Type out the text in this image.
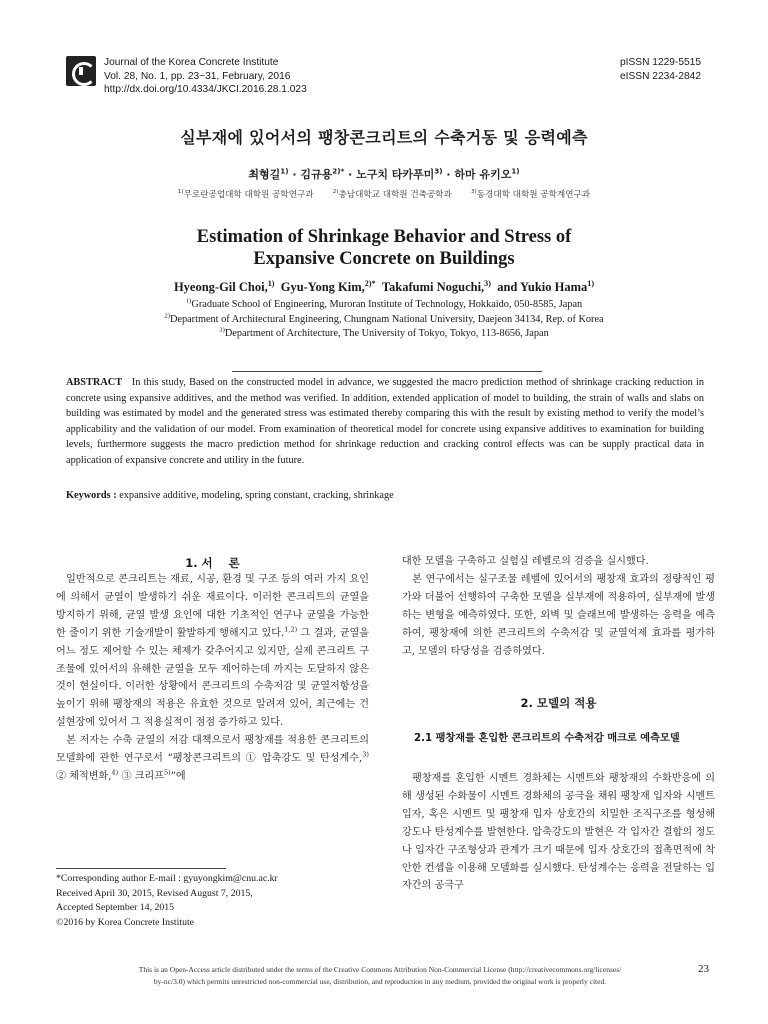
Journal of the Korea Concrete Institute
Vol. 28, No. 1, pp. 23~31, February, 2016
http://dx.doi.org/10.4334/JKCI.2016.28.1.023
pISSN 1229-5515
eISSN 2234-2842
실부재에 있어서의 팽창콘크리트의 수축거동 및 응력예측
최형길$^{1)}$ · 김규용$^{2)*}$ · 노구치 타카푸미$^{3)}$ · 하마 유키오$^{1)}$
$^{1)}$무로란공업대학 대학원 공학연구과	$^{2)}$충남대학교 대학원 건축공학과	$^{3)}$동경대학 대학원 공학계연구과
Estimation of Shrinkage Behavior and Stress of
Expansive Concrete on Buildings
Hyeong-Gil Choi,$^{1)}$ Gyu-Yong Kim,$^{2)*}$ Takafumi Noguchi,$^{3)}$ and Yukio Hama$^{1)}$
$^{1)}$Graduate School of Engineering, Muroran Institute of Technology, Hokkaido, 050-8585, Japan
$^{2)}$Department of Architectural Engineering, Chungnam National University, Daejeon 34134, Rep. of Korea
$^{3)}$Department of Architecture, The University of Tokyo, Tokyo, 113-8656, Japan
ABSTRACT In this study, Based on the constructed model in advance, we suggested the macro prediction method of shrinkage cracking reduction in concrete using expansive additives, and the method was verified. In addition, extended application of model to building, the strain of walls and slabs on building was estimated by model and the generated stress was estimated thereby comparing this with the result by existing method to verify the model’s applicability and the validation of our model. From examination of theoretical model for concrete using expansive additives to examination for building levels, furthermore suggests the macro prediction method for shrinkage reduction and cracking control effects was can be supply practical data in application of expansive concrete and utility in the future.
Keywords : expansive additive, modeling, spring constant, cracking, shrinkage
1. 서    론

일반적으로 콘크리트는 재료, 시공, 환경 및 구조 등의 여러 가지 요인에 의해서 균열이 발생하기 쉬운 재료이다. 이러한 콘크리트의 균열을 방지하기 위해, 균열 발생 요인에 대한 기초적인 연구나 균열을 가능한 한 줄이기 위한 기술개발이 활발하게 행해지고 있다.$^{1,2)}$ 그 결과, 균열을 어느 정도 제어할 수 있는 체제가 갖추어지고 있지만, 실제 콘크리트 구조물에 있어서의 유해한 균열을 모두 제어하는데 까지는 도달하지 않은 것이 현실이다. 이러한 상황에서 콘크리트의 수축저감 및 균열저항성을 높이기 위해 팽창재의 적용은 유효한 것으로 알려져 있어, 최근에는 건설현장에 있어서 그 적용실적이 점점 증가하고 있다.

본 저자는 수축 균열의 저감 대책으로서 팽창재를 적용한 콘크리트의 모델화에 관한 연구로서 “팽창콘크리트의 ① 압축강도 및 탄성계수,$^{3)}$ ② 체적변화,$^{4)}$ ③ 크리프$^{5)}$”에

대한 모델을 구축하고 실험실 레벨로의 검증을 실시했다.

본 연구에서는 실구조물 레벨에 있어서의 팽창재 효과의 정량적인 평가와 더불어 선행하여 구축한 모델을 실부재에 적용하여, 실부재에 발생하는 변형을 예측하였다. 또한, 외벽 및 슬래브에 발생하는 응력을 예측하여, 팽창재에 의한 콘크리트의 수축저감 및 균열억제 효과를 평가하고, 모델의 타당성을 검증하였다.

2. 모델의 적용
2.1 팽창재를 혼입한 콘크리트의 수축저감 매크로 예측모델

팽창재를 혼입한 시멘트 경화체는 시멘트와 팽창재의 수화반응에 의해 생성된 수화물이 시멘트 경화체의 공극을 채워 팽창재 입자와 시멘트 입자, 혹은 시멘트 및 팽창재 입자 상호간의 치밀한 조직구조를 형성해 강도나 탄성계수를 발현한다. 압축강도의 발현은 각 입자간 결합의 정도나 입자간 구조형상과 관계가 크기 때문에 입자 상호간의 접촉면적에 착안한 컨셉을 이용해 모델화를 실시했다. 탄성계수는 응력을 전달하는 입자간의 공극구

*Corresponding author E-mail : gyuyongkim@cnu.ac.kr
Received April 30, 2015, Revised August 7, 2015,
Accepted September 14, 2015
©2016 by Korea Concrete Institute
This is an Open-Access article distributed under the terms of the Creative Commons Attribution Non-Commercial License (http://creativecommons.org/licenses/
by-nc/3.0) which permits unrestricted non-commercial use, distribution, and reproduction in any medium, provided the original work is properly cited.
23
